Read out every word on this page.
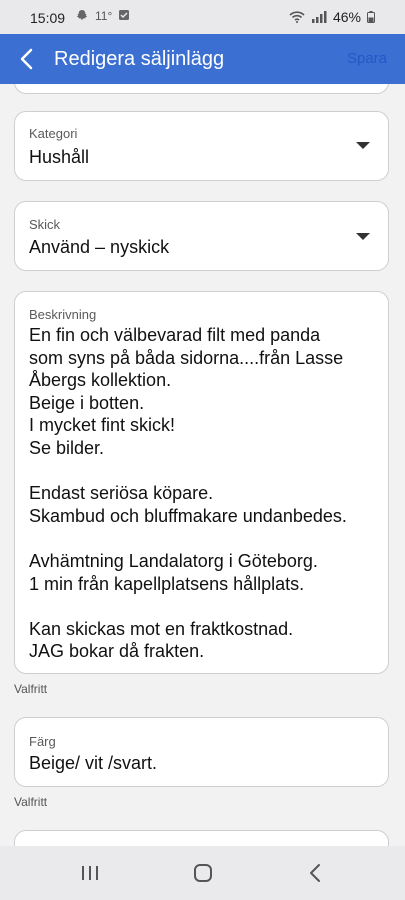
15:09 11°	46%
Redigera säljinlägg	Spara
Kategori
Hushåll
Skick
Använd – nyskick
Beskrivning
En fin och välbevarad filt med panda
som syns på båda sidorna....från Lasse
Åbergs kollektion.
Beige i botten.
I mycket fint skick!
Se bilder.

Endast seriösa köpare.
Skambud och bluffmakare undanbedes.

Avhämtning Landalatorg i Göteborg.
1 min från kapellplatsens hållplats.

Kan skickas mot en fraktkostnad.
JAG bokar då frakten.
Valfritt
Färg
Beige/ vit /svart.
Valfritt
